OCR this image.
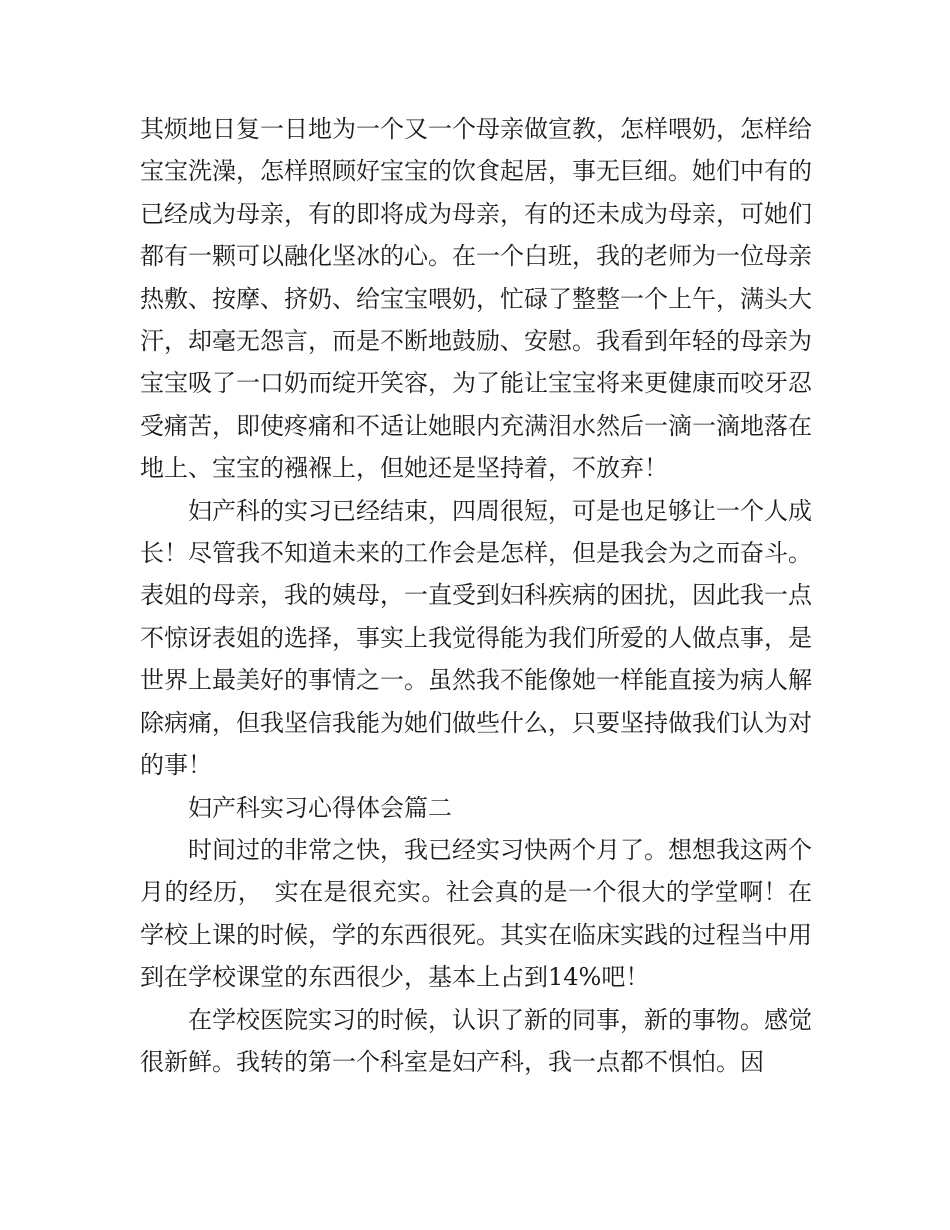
其烦地日复一日地为一个又一个母亲做宣教，怎样喂奶，怎样给宝宝洗澡，怎样照顾好宝宝的饮食起居，事无巨细。她们中有的已经成为母亲，有的即将成为母亲，有的还未成为母亲，可她们都有一颗可以融化坚冰的心。在一个白班，我的老师为一位母亲热敷、按摩、挤奶、给宝宝喂奶，忙碌了整整一个上午，满头大汗，却毫无怨言，而是不断地鼓励、安慰。我看到年轻的母亲为宝宝吸了一口奶而绽开笑容，为了能让宝宝将来更健康而咬牙忍受痛苦，即使疼痛和不适让她眼内充满泪水然后一滴一滴地落在地上、宝宝的襁褓上，但她还是坚持着，不放弃！

妇产科的实习已经结束，四周很短，可是也足够让一个人成长！尽管我不知道未来的工作会是怎样，但是我会为之而奋斗。表姐的母亲，我的姨母，一直受到妇科疾病的困扰，因此我一点不惊讶表姐的选择，事实上我觉得能为我们所爱的人做点事，是世界上最美好的事情之一。虽然我不能像她一样能直接为病人解除病痛，但我坚信我能为她们做些什么，只要坚持做我们认为对的事！

妇产科实习心得体会篇二

时间过的非常之快，我已经实习快两个月了。想想我这两个月的经历，　实在是很充实。社会真的是一个很大的学堂啊！在学校上课的时候，学的东西很死。其实在临床实践的过程当中用到在学校课堂的东西很少，基本上占到14%吧！

在学校医院实习的时候，认识了新的同事，新的事物。感觉很新鲜。我转的第一个科室是妇产科，我一点都不惧怕。因
